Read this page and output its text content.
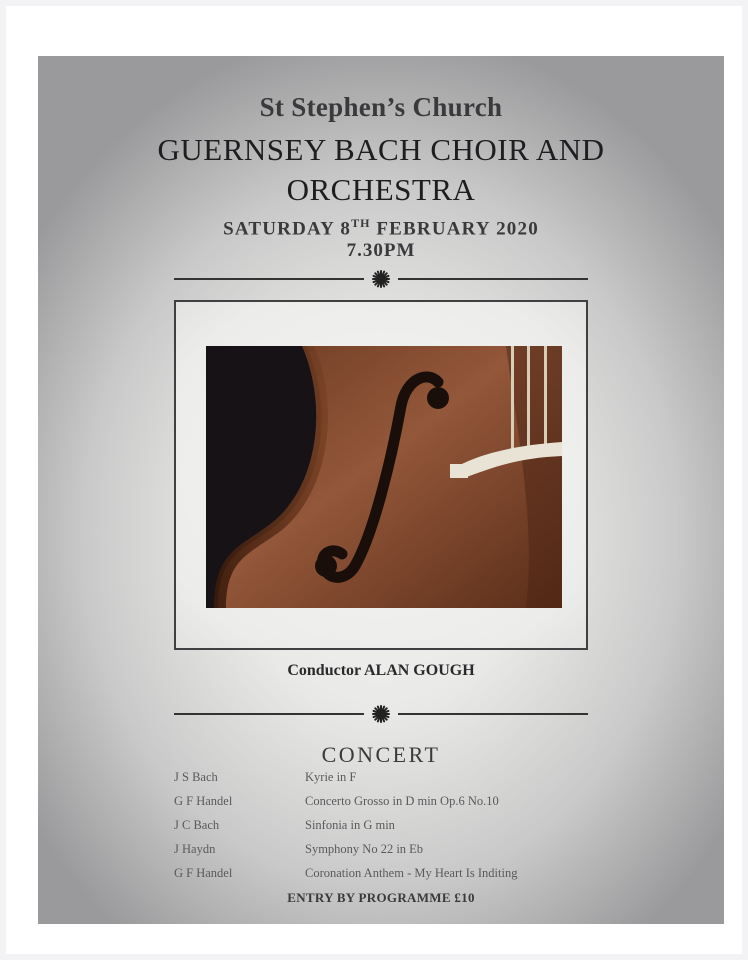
St Stephen’s Church
GUERNSEY BACH CHOIR AND
ORCHESTRA
SATURDAY 8TH FEBRUARY 2020
7.30PM
Conductor ALAN GOUGH
CONCERT
J S Bach	Kyrie in F
G F Handel	Concerto Grosso in D min Op.6 No.10
J C Bach	Sinfonia in G min
J Haydn	Symphony No 22 in Eb
G F Handel	Coronation Anthem - My Heart Is Inditing
ENTRY BY PROGRAMME £10
